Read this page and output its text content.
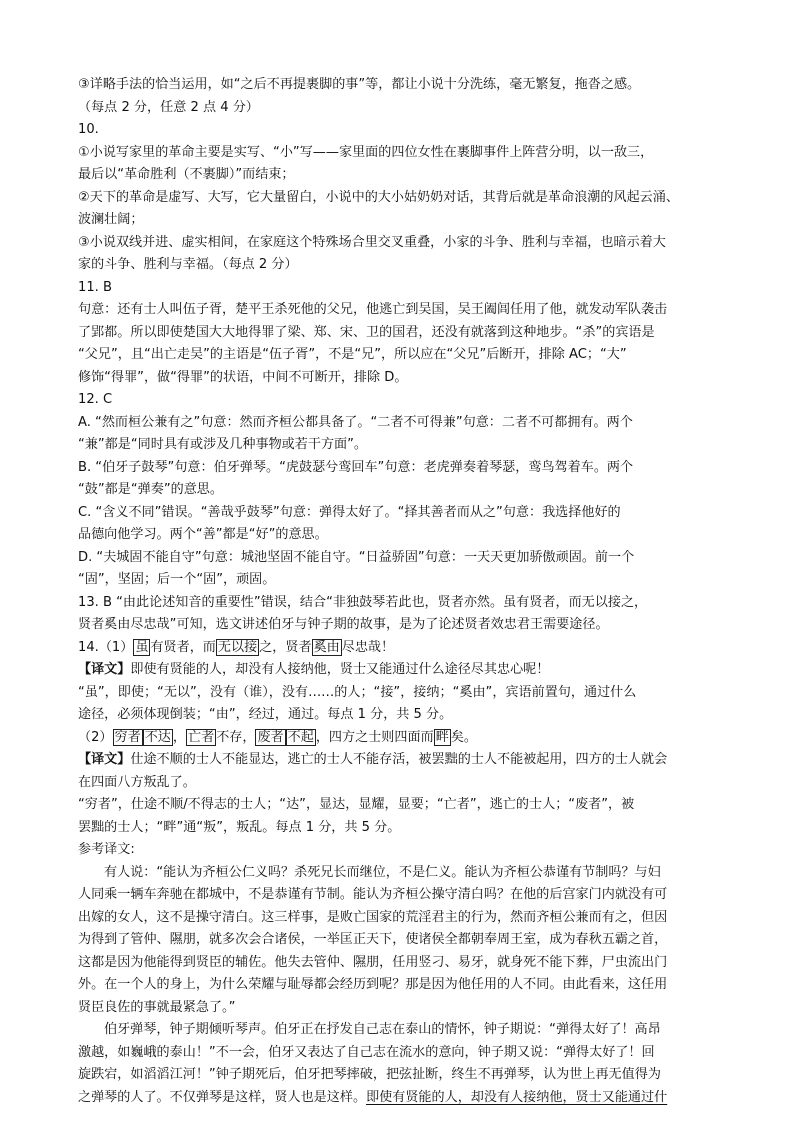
③详略手法的恰当运用，如“之后不再提裹脚的事”等，都让小说十分洗练，毫无繁复，拖沓之感。
（每点 2 分，任意 2 点 4 分）
10.
①小说写家里的革命主要是实写、“小”写——家里面的四位女性在裹脚事件上阵营分明，以一敌三，
最后以“革命胜利（不裹脚）”而结束；
②天下的革命是虚写、大写，它大量留白，小说中的大小姑奶奶对话，其背后就是革命浪潮的风起云涌、
波澜壮阔；
③小说双线并进、虚实相间，在家庭这个特殊场合里交叉重叠，小家的斗争、胜利与幸福，也暗示着大
家的斗争、胜利与幸福。（每点 2 分）
11. B
句意：还有士人叫伍子胥，楚平王杀死他的父兄，他逃亡到吴国，吴王阖闾任用了他，就发动军队袭击
了郢都。所以即使楚国大大地得罪了梁、郑、宋、卫的国君，还没有就落到这种地步。“杀”的宾语是
“父兄”，且“出亡走吴”的主语是“伍子胥”，不是“兄”，所以应在“父兄”后断开，排除 AC；“大”
修饰“得罪”，做“得罪”的状语，中间不可断开，排除 D。
12. C
A. “然而桓公兼有之”句意：然而齐桓公都具备了。“二者不可得兼”句意：二者不可都拥有。两个
“兼”都是“同时具有或涉及几种事物或若干方面”。
B. “伯牙子鼓琴”句意：伯牙弹琴。“虎鼓瑟兮鸾回车”句意：老虎弹奏着琴瑟，鸾鸟驾着车。两个
“鼓”都是“弹奏”的意思。
C. “含义不同”错误。“善哉乎鼓琴”句意：弹得太好了。“择其善者而从之”句意：我选择他好的
品德向他学习。两个“善”都是“好”的意思。
D. “夫城固不能自守”句意：城池坚固不能自守。“日益骄固”句意：一天天更加骄傲顽固。前一个
“固”，坚固；后一个“固”，顽固。
13. B “由此论述知音的重要性”错误，结合“非独鼓琴若此也，贤者亦然。虽有贤者，而无以接之，
贤者奚由尽忠哉”可知，选文讲述伯牙与钟子期的故事，是为了论述贤者效忠君王需要途径。
14.（1） 虽 有贤者，而 无以接 之，贤者 奚由 尽忠哉！
【译文】即使有贤能的人，却没有人接纳他，贤士又能通过什么途径尽其忠心呢！
“虽”，即使；“无以”，没有（谁），没有……的人；“接”，接纳；“奚由”，宾语前置句，通过什么
途径，必须体现倒装；“由”，经过，通过。每点 1 分，共 5 分。
（2） 穷者 不达 ， 亡者 不存， 废者 不起 ，四方之士则四面而 畔 矣。
【译文】仕途不顺的士人不能显达，逃亡的士人不能存活，被罢黜的士人不能被起用，四方的士人就会
在四面八方叛乱了。
“穷者”，仕途不顺/不得志的士人；“达”，显达，显耀，显要；“亡者”，逃亡的士人；“废者”，被
罢黜的士人；“畔”通“叛”，叛乱。每点 1 分，共 5 分。
参考译文:
有人说：“能认为齐桓公仁义吗？杀死兄长而继位，不是仁义。能认为齐桓公恭谨有节制吗？与妇
人同乘一辆车奔驰在都城中，不是恭谨有节制。能认为齐桓公操守清白吗？在他的后宫家门内就没有可
出嫁的女人，这不是操守清白。这三样事，是败亡国家的荒淫君主的行为，然而齐桓公兼而有之，但因
为得到了管仲、隰朋，就多次会合诸侯，一举匡正天下，使诸侯全都朝奉周王室，成为春秋五霸之首，
这都是因为他能得到贤臣的辅佐。他失去管仲、隰朋，任用竖刁、易牙，就身死不能下葬，尸虫流出门
外。在一个人的身上，为什么荣耀与耻辱都会经历到呢？那是因为他任用的人不同。由此看来，这任用
贤臣良佐的事就最紧急了。”
伯牙弹琴，钟子期倾听琴声。伯牙正在抒发自己志在泰山的情怀，钟子期说：“弹得太好了！高昂
激越，如巍峨的泰山！”不一会，伯牙又表达了自己志在流水的意向，钟子期又说：“弹得太好了！回
旋跌宕，如滔滔江河！”钟子期死后，伯牙把琴摔破，把弦扯断，终生不再弹琴，认为世上再无值得为
之弹琴的人了。不仅弹琴是这样，贤人也是这样。即使有贤能的人，却没有人接纳他，贤士又能通过什
